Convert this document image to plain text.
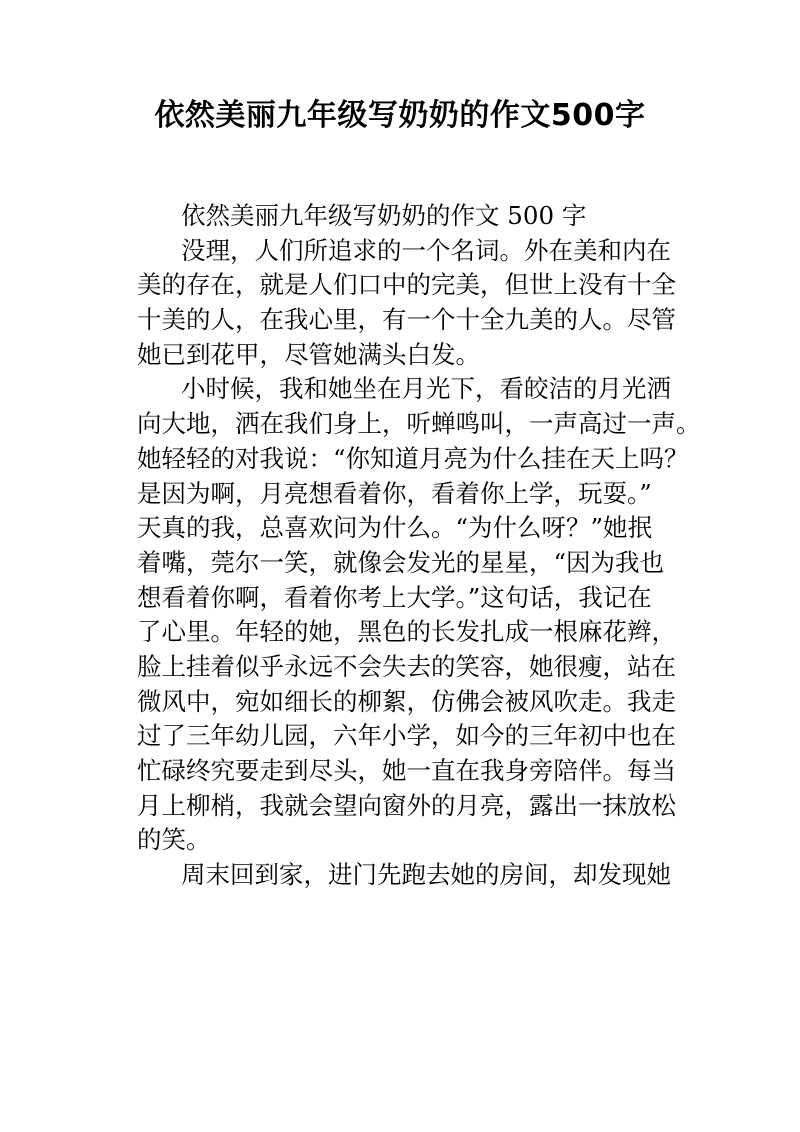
依然美丽九年级写奶奶的作文500字
依然美丽九年级写奶奶的作文 500 字
没理，人们所追求的一个名词。外在美和内在
美的存在，就是人们口中的完美，但世上没有十全
十美的人，在我心里，有一个十全九美的人。尽管
她已到花甲，尽管她满头白发。
小时候，我和她坐在月光下，看皎洁的月光洒
向大地，洒在我们身上，听蝉鸣叫，一声高过一声。
她轻轻的对我说：“你知道月亮为什么挂在天上吗？
是因为啊，月亮想看着你，看着你上学，玩耍。”
天真的我，总喜欢问为什么。“为什么呀？”她抿
着嘴，莞尔一笑，就像会发光的星星，“因为我也
想看着你啊，看着你考上大学。”这句话，我记在
了心里。年轻的她，黑色的长发扎成一根麻花辫，
脸上挂着似乎永远不会失去的笑容，她很瘦，站在
微风中，宛如细长的柳絮，仿佛会被风吹走。我走
过了三年幼儿园，六年小学，如今的三年初中也在
忙碌终究要走到尽头，她一直在我身旁陪伴。每当
月上柳梢，我就会望向窗外的月亮，露出一抹放松
的笑。
周末回到家，进门先跑去她的房间，却发现她
